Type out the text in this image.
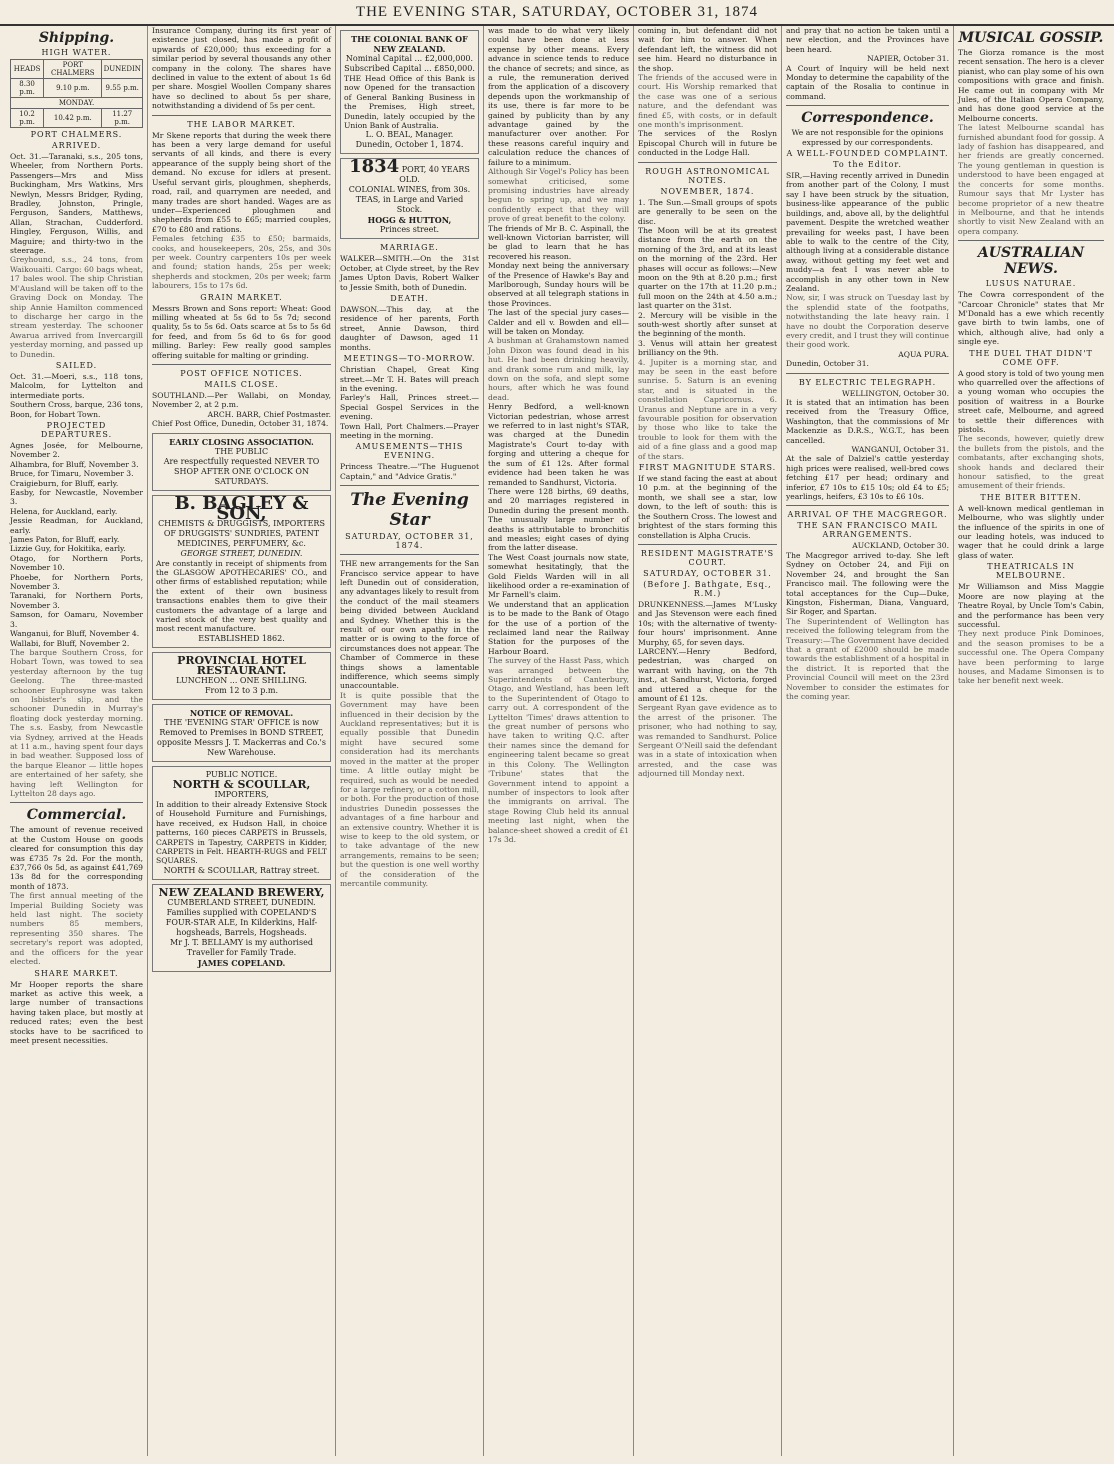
THE EVENING STAR, SATURDAY, OCTOBER 31, 1874
Shipping.
HIGH WATER.
HEADS	PORT CHALMERS	DUNEDIN
8.30 p.m.	9.10 p.m.	9.55 p.m.
MONDAY.		
10.2 p.m.	10.42 p.m.	11.27 p.m.
PORT CHALMERS.
ARRIVED.
Oct. 31.—Taranaki, s.s., 205 tons, Wheeler, from Northern Ports. Passengers—Mrs and Miss Buckingham, Mrs Watkins, Mrs Newlyn, Messrs Bridger, Ryding, Bradley, Johnston, Pringle, Ferguson, Sanders, Matthews, Allan, Strachan, Cudderford. Hingley, Ferguson, Willis, and Maguire; and thirty-two in the steerage.
Greyhound, s.s., 24 tons, from Waikouaiti. Cargo: 60 bags wheat, 17 bales wool. The ship Christian M'Ausland will be taken off to the Graving Dock on Monday. The ship Annie Hamilton commenced to discharge her cargo in the stream yesterday. The schooner Awarua arrived from Invercargill yesterday morning, and passed up to Dunedin.
SAILED.
Oct. 31.—Moeri, s.s., 118 tons, Malcolm, for Lyttelton and intermediate ports.
Southern Cross, barque, 236 tons, Boon, for Hobart Town.
PROJECTED DEPARTURES.
Agnes Josée, for Melbourne, November 2.
Alhambra, for Bluff, November 3.
Bruce, for Timaru, November 3.
Craigieburn, for Bluff, early.
Easby, for Newcastle, November 3.
Helena, for Auckland, early.
Jessie Readman, for Auckland, early.
James Paton, for Bluff, early.
Lizzie Guy, for Hokitika, early.
Otago, for Northern Ports, November 10.
Phoebe, for Northern Ports, November 3.
Taranaki, for Northern Ports, November 3.
Samson, for Oamaru, November 3.
Wanganui, for Bluff, November 4.
Wallabi, for Bluff, November 2.
The barque Southern Cross, for Hobart Town, was towed to sea yesterday afternoon by the tug Geelong. The three-masted schooner Euphrosyne was taken on Isbister's slip, and the schooner Dunedin in Murray's floating dock yesterday morning. The s.s. Easby, from Newcastle via Sydney, arrived at the Heads at 11 a.m., having spent four days in bad weather. Supposed loss of the barque Eleanor — little hopes are entertained of her safety, she having left Wellington for Lyttelton 28 days ago.
Commercial.
The amount of revenue received at the Custom House on goods cleared for consumption this day was £735 7s 2d. For the month, £37,766 0s 5d, as against £41,769 13s 8d for the corresponding month of 1873.
The first annual meeting of the Imperial Building Society was held last night. The society numbers 85 members, representing 350 shares. The secretary's report was adopted, and the officers for the year elected.
SHARE MARKET.
Mr Hooper reports the share market as active this week, a large number of transactions having taken place, but mostly at reduced rates; even the best stocks have to be sacrificed to meet present necessities.
Insurance Company, during its first year of existence just closed, has made a profit of upwards of £20,000; thus exceeding for a similar period by several thousands any other company in the colony. The shares have declined in value to the extent of about 1s 6d per share. Mosgiel Woollen Company shares have so declined to about 5s per share, notwithstanding a dividend of 5s per cent.
THE LABOR MARKET.
Mr Skene reports that during the week there has been a very large demand for useful servants of all kinds, and there is every appearance of the supply being short of the demand. No excuse for idlers at present. Useful servant girls, ploughmen, shepherds, road, rail, and quarrymen are needed, and many trades are short handed. Wages are as under—Experienced ploughmen and shepherds from £55 to £65; married couples, £70 to £80 and rations.
Females fetching £35 to £50; barmaids, cooks, and housekeepers, 20s, 25s, and 30s per week. Country carpenters 10s per week and found; station hands, 25s per week; shepherds and stockmen, 20s per week; farm labourers, 15s to 17s 6d.
GRAIN MARKET.
Messrs Brown and Sons report: Wheat: Good milling wheated at 5s 6d to 5s 7d; second quality, 5s to 5s 6d. Oats scarce at 5s to 5s 6d for feed, and from 5s 6d to 6s for good milling. Barley: Few really good samples offering suitable for malting or grinding.
POST OFFICE NOTICES.
MAILS CLOSE.
SOUTHLAND.—Per Wallabi, on Monday, November 2, at 2 p.m.
ARCH. BARR, Chief Postmaster.
Chief Post Office, Dunedin, October 31, 1874.
EARLY CLOSING ASSOCIATION.
THE PUBLIC
Are respectfully requested NEVER TO SHOP AFTER ONE O'CLOCK ON SATURDAYS.
B. BAGLEY & SON,
CHEMISTS & DRUGGISTS, IMPORTERS OF DRUGGISTS' SUNDRIES, PATENT MEDICINES, PERFUMERY, &c.
GEORGE STREET, DUNEDIN.
Are constantly in receipt of shipments from the GLASGOW APOTHECARIES' CO., and other firms of established reputation; while the extent of their own business transactions enables them to give their customers the advantage of a large and varied stock of the very best quality and most recent manufacture.
ESTABLISHED 1862.
PROVINCIAL HOTEL RESTAURANT.
LUNCHEON ... ONE SHILLING.
From 12 to 3 p.m.
NOTICE OF REMOVAL.
THE 'EVENING STAR' OFFICE is now Removed to Premises in BOND STREET, opposite Messrs J. T. Mackerras and Co.'s New Warehouse.
PUBLIC NOTICE.
NORTH & SCOULLAR,
IMPORTERS,
In addition to their already Extensive Stock of Household Furniture and Furnishings, have received, ex Hudson Hall, in choice patterns, 160 pieces CARPETS in Brussels, CARPETS in Tapestry, CARPETS in Kidder, CARPETS in Felt. HEARTH-RUGS and FELT SQUARES.
NORTH & SCOULLAR, Rattray street.
NEW ZEALAND BREWERY,
CUMBERLAND STREET, DUNEDIN.
Families supplied with COPELAND'S FOUR-STAR ALE, In Kilderkins, Half-hogsheads, Barrels, Hogsheads.
Mr J. T. BELLAMY is my authorised Traveller for Family Trade.
JAMES COPELAND.
THE COLONIAL BANK OF NEW ZEALAND.
Nominal Capital ... £2,000,000.
Subscribed Capital ... £850,000.
THE Head Office of this Bank is now Opened for the transaction of General Banking Business in the Premises, High street, Dunedin, lately occupied by the Union Bank of Australia.
L. O. BEAL, Manager.
Dunedin, October 1, 1874.
1834 PORT, 40 YEARS OLD.
COLONIAL WINES, from 30s.
TEAS, in Large and Varied Stock.
HOGG & HUTTON,
Princes street.
MARRIAGE.
WALKER—SMITH.—On the 31st October, at Clyde street, by the Rev James Upton Davis, Robert Walker to Jessie Smith, both of Dunedin.
DEATH.
DAWSON.—This day, at the residence of her parents, Forth street, Annie Dawson, third daughter of Dawson, aged 11 months.
MEETINGS—TO-MORROW.
Christian Chapel, Great King street.—Mr T. H. Bates will preach in the evening.
Farley's Hall, Princes street.—Special Gospel Services in the evening.
Town Hall, Port Chalmers.—Prayer meeting in the morning.
AMUSEMENTS—THIS EVENING.
Princess Theatre.—"The Huguenot Captain," and "Advice Gratis."
The Evening Star
SATURDAY, OCTOBER 31, 1874.
THE new arrangements for the San Francisco service appear to have left Dunedin out of consideration, any advantages likely to result from the conduct of the mail steamers being divided between Auckland and Sydney. Whether this is the result of our own apathy in the matter or is owing to the force of circumstances does not appear. The Chamber of Commerce in these things shows a lamentable indifference, which seems simply unaccountable.
It is quite possible that the Government may have been influenced in their decision by the Auckland representatives; but it is equally possible that Dunedin might have secured some consideration had its merchants moved in the matter at the proper time. A little outlay might be required, such as would be needed for a large refinery, or a cotton mill, or both. For the production of those industries Dunedin possesses the advantages of a fine harbour and an extensive country. Whether it is wise to keep to the old system, or to take advantage of the new arrangements, remains to be seen; but the question is one well worthy of the consideration of the mercantile community.
was made to do what very likely could have been done at less expense by other means. Every advance in science tends to reduce the chance of secrets; and since, as a rule, the remuneration derived from the application of a discovery depends upon the workmanship of its use, there is far more to be gained by publicity than by any advantage gained by the manufacturer over another. For these reasons careful inquiry and calculation reduce the chances of failure to a minimum.
Although Sir Vogel's Policy has been somewhat criticised, some promising industries have already begun to spring up, and we may confidently expect that they will prove of great benefit to the colony.
The friends of Mr B. C. Aspinall, the well-known Victorian barrister, will be glad to learn that he has recovered his reason.
Monday next being the anniversary of the Presence of Hawke's Bay and Marlborough, Sunday hours will be observed at all telegraph stations in those Provinces.
The last of the special jury cases—Calder and ell v. Bowden and ell—will be taken on Monday.
A bushman at Grahamstown named John Dixon was found dead in his hut. He had been drinking heavily, and drank some rum and milk, lay down on the sofa, and slept some hours, after which he was found dead.
Henry Bedford, a well-known Victorian pedestrian, whose arrest we referred to in last night's STAR, was charged at the Dunedin Magistrate's Court to-day with forging and uttering a cheque for the sum of £1 12s. After formal evidence had been taken he was remanded to Sandhurst, Victoria.
There were 128 births, 69 deaths, and 20 marriages registered in Dunedin during the present month. The unusually large number of deaths is attributable to bronchitis and measles; eight cases of dying from the latter disease.
The West Coast journals now state, somewhat hesitatingly, that the Gold Fields Warden will in all likelihood order a re-examination of Mr Farnell's claim.
We understand that an application is to be made to the Bank of Otago for the use of a portion of the reclaimed land near the Railway Station for the purposes of the Harbour Board.
The survey of the Hasst Pass, which was arranged between the Superintendents of Canterbury, Otago, and Westland, has been left to the Superintendent of Otago to carry out. A correspondent of the Lyttelton 'Times' draws attention to the great number of persons who have taken to writing Q.C. after their names since the demand for engineering talent became so great in this Colony. The Wellington 'Tribune' states that the Government intend to appoint a number of inspectors to look after the immigrants on arrival. The stage Rowing Club held its annual meeting last night, when the balance-sheet showed a credit of £1 17s 3d.
coming in, but defendant did not wait for him to answer. When defendant left, the witness did not see him. Heard no disturbance in the shop.
The friends of the accused were in court. His Worship remarked that the case was one of a serious nature, and the defendant was fined £5, with costs, or in default one month's imprisonment.
The services of the Roslyn Episcopal Church will in future be conducted in the Lodge Hall.
ROUGH ASTRONOMICAL NOTES.
NOVEMBER, 1874.
1. The Sun.—Small groups of spots are generally to be seen on the disc.
The Moon will be at its greatest distance from the earth on the morning of the 3rd, and at its least on the morning of the 23rd. Her phases will occur as follows:—New moon on the 9th at 8.20 p.m.; first quarter on the 17th at 11.20 p.m.; full moon on the 24th at 4.50 a.m.; last quarter on the 31st.
2. Mercury will be visible in the south-west shortly after sunset at the beginning of the month.
3. Venus will attain her greatest brilliancy on the 9th.
4. Jupiter is a morning star, and may be seen in the east before sunrise. 5. Saturn is an evening star, and is situated in the constellation Capricornus. 6. Uranus and Neptune are in a very favourable position for observation by those who like to take the trouble to look for them with the aid of a fine glass and a good map of the stars.
FIRST MAGNITUDE STARS.
If we stand facing the east at about 10 p.m. at the beginning of the month, we shall see a star, low down, to the left of south: this is the Southern Cross. The lowest and brightest of the stars forming this constellation is Alpha Crucis.
RESIDENT MAGISTRATE'S COURT.
SATURDAY, OCTOBER 31.
(Before J. Bathgate, Esq., R.M.)
DRUNKENNESS.—James M'Lusky and Jas Stevenson were each fined 10s; with the alternative of twenty-four hours' imprisonment. Anne Murphy, 65, for seven days.
LARCENY.—Henry Bedford, pedestrian, was charged on warrant with having, on the 7th inst., at Sandhurst, Victoria, forged and uttered a cheque for the amount of £1 12s.
Sergeant Ryan gave evidence as to the arrest of the prisoner. The prisoner, who had nothing to say, was remanded to Sandhurst. Police Sergeant O'Neill said the defendant was in a state of intoxication when arrested, and the case was adjourned till Monday next.
and pray that no action be taken until a new election, and the Provinces have been heard.
NAPIER, October 31.
A Court of Inquiry will be held next Monday to determine the capability of the captain of the Rosalia to continue in command.
Correspondence.
We are not responsible for the opinions expressed by our correspondents.
A WELL-FOUNDED COMPLAINT.
To the Editor.
SIR,—Having recently arrived in Dunedin from another part of the Colony, I must say I have been struck by the situation, business-like appearance of the public buildings, and, above all, by the delightful pavement. Despite the wretched weather prevailing for weeks past, I have been able to walk to the centre of the City, although living at a considerable distance away, without getting my feet wet and muddy—a feat I was never able to accomplish in any other town in New Zealand.
Now, sir, I was struck on Tuesday last by the splendid state of the footpaths, notwithstanding the late heavy rain. I have no doubt the Corporation deserve every credit, and I trust they will continue their good work.
AQUA PURA.
Dunedin, October 31.
BY ELECTRIC TELEGRAPH.
WELLINGTON, October 30.
It is stated that an intimation has been received from the Treasury Office, Washington, that the commissions of Mr Mackenzie as D.R.S., W.G.T., has been cancelled.
WANGANUI, October 31.
At the sale of Dalziel's cattle yesterday high prices were realised, well-bred cows fetching £17 per head; ordinary and inferior, £7 10s to £15 10s; old £4 to £5; yearlings, heifers, £3 10s to £6 10s.
ARRIVAL OF THE MACGREGOR.
THE SAN FRANCISCO MAIL ARRANGEMENTS.
AUCKLAND, October 30.
The Macgregor arrived to-day. She left Sydney on October 24, and Fiji on November 24, and brought the San Francisco mail. The following were the total acceptances for the Cup—Duke, Kingston, Fisherman, Diana, Vanguard, Sir Roger, and Spartan.
The Superintendent of Wellington has received the following telegram from the Treasury:—The Government have decided that a grant of £2000 should be made towards the establishment of a hospital in the district. It is reported that the Provincial Council will meet on the 23rd November to consider the estimates for the coming year.
MUSICAL GOSSIP.
The Giorza romance is the most recent sensation. The hero is a clever pianist, who can play some of his own compositions with grace and finish. He came out in company with Mr Jules, of the Italian Opera Company, and has done good service at the Melbourne concerts.
The latest Melbourne scandal has furnished abundant food for gossip. A lady of fashion has disappeared, and her friends are greatly concerned. The young gentleman in question is understood to have been engaged at the concerts for some months. Rumour says that Mr Lyster has become proprietor of a new theatre in Melbourne, and that he intends shortly to visit New Zealand with an opera company.
AUSTRALIAN NEWS.
LUSUS NATURAE.
The Cowra correspondent of the "Carcoar Chronicle" states that Mr M'Donald has a ewe which recently gave birth to twin lambs, one of which, although alive, had only a single eye.
THE DUEL THAT DIDN'T COME OFF.
A good story is told of two young men who quarrelled over the affections of a young woman who occupies the position of waitress in a Bourke street cafe, Melbourne, and agreed to settle their differences with pistols.
The seconds, however, quietly drew the bullets from the pistols, and the combatants, after exchanging shots, shook hands and declared their honour satisfied, to the great amusement of their friends.
THE BITER BITTEN.
A well-known medical gentleman in Melbourne, who was slightly under the influence of the spirits in one of our leading hotels, was induced to wager that he could drink a large glass of water.
THEATRICALS IN MELBOURNE.
Mr Williamson and Miss Maggie Moore are now playing at the Theatre Royal, by Uncle Tom's Cabin, and the performance has been very successful.
They next produce Pink Dominoes, and the season promises to be a successful one. The Opera Company have been performing to large houses, and Madame Simonsen is to take her benefit next week.
